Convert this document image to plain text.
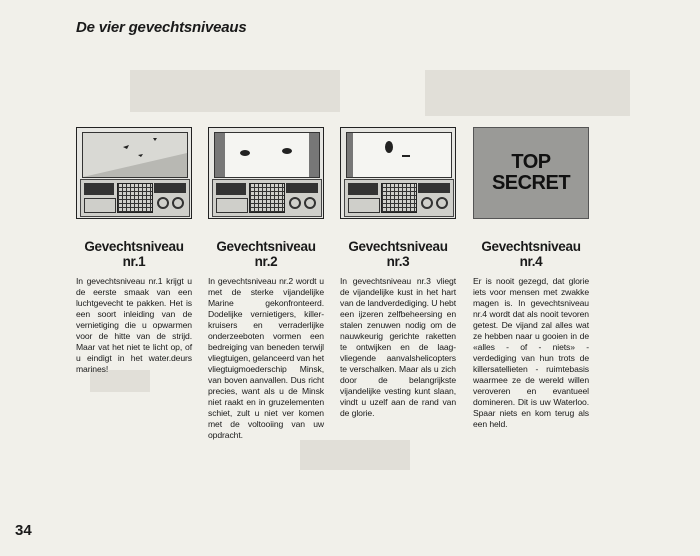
De vier gevechtsniveaus
Gevechtsniveau
nr.1
In gevechtsniveau nr.1 krijgt u de eerste smaak van een luchtgevecht te pakken. Het is een soort inleiding van de vernietiging die u opwarmen voor de hitte van de strijd. Maar vat het niet te licht op, of u eindigt in het water.deurs marines!
Gevechtsniveau
nr.2
In gevechtsniveau nr.2 wordt u met de sterke vijandelijke Marine gekonfronteerd. Dodelijke vernietigers, killer-kruisers en verraderlijke onderzeeboten vormen een bedreiging van beneden terwijl vliegtuigen, gelanceerd van het vliegtuigmoederschip Minsk, van boven aanvallen. Dus richt precies, want als u de Minsk niet raakt en in gruzelementen schiet, zult u niet ver komen met de voltooiing van uw opdracht.
Gevechtsniveau
nr.3
In gevechtsniveau nr.3 vliegt de vijandelijke kust in het hart van de landverdediging. U hebt een ijzeren zelfbeheersing en stalen zenuwen nodig om de nauwkeurig gerichte raketten te ontwijken en de laag-vliegende aanvalshelicopters te verschalken. Maar als u zich door de belangrijkste vijandelijke vesting kunt slaan, vindt u uzelf aan de rand van de glorie.
TOP
SECRET
Gevechtsniveau
nr.4
Er is nooit gezegd, dat glorie iets voor mensen met zwakke magen is. In gevechtsniveau nr.4 wordt dat als nooit tevoren getest. De vijand zal alles wat ze hebben naar u gooien in de «alles - of - niets» - verdediging van hun trots de killersatellieten - ruimtebasis waarmee ze de wereld willen veroveren en evantueel domineren. Dit is uw Waterloo. Spaar niets en kom terug als een held.
34
